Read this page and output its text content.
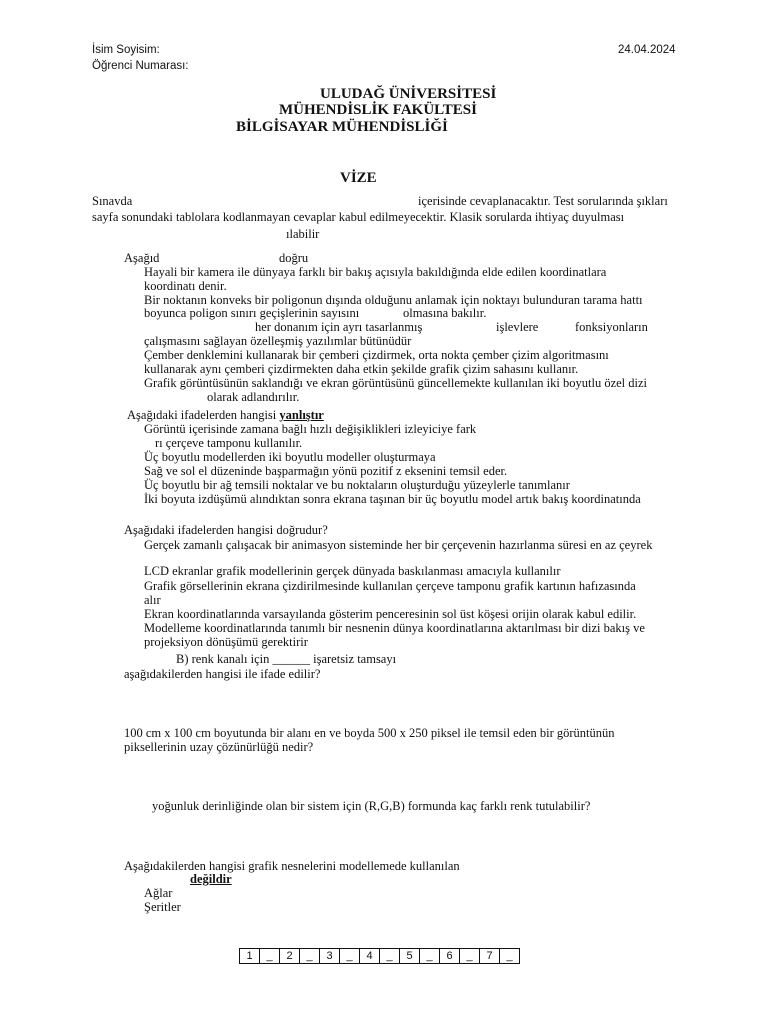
İsim Soyisim:
Öğrenci Numarası:
24.04.2024
ULUDAĞ ÜNİVERSİTESİ
MÜHENDİSLİK FAKÜLTESİ
BİLGİSAYAR MÜHENDİSLİĞİ
VİZE
Sınavda	içerisinde cevaplanacaktır. Test sorularında şıkları
sayfa sonundaki tablolara kodlanmayan cevaplar kabul edilmeyecektir. Klasik sorularda ihtiyaç duyulması
ılabilir
Aşağıd	doğru
Hayali bir kamera ile dünyaya farklı bir bakış açısıyla bakıldığında elde edilen koordinatlara
koordinatı denir.
Bir noktanın konveks bir poligonun dışında olduğunu anlamak için noktayı bulunduran tarama hattı
boyunca poligon sınırı geçişlerinin sayısını	olmasına bakılır.
her donanım için ayrı tasarlanmış	işlevlere	fonksiyonların
çalışmasını sağlayan özelleşmiş yazılımlar bütünüdür
Çember denklemini kullanarak bir çemberi çizdirmek, orta nokta çember çizim algoritmasını
kullanarak aynı çemberi çizdirmekten daha etkin şekilde grafik çizim sahasını kullanır.
Grafik görüntüsünün saklandığı ve ekran görüntüsünü güncellemekte kullanılan iki boyutlu özel dizi
olarak adlandırılır.
Aşağıdaki ifadelerden hangisi yanlıştır
Görüntü içerisinde zamana bağlı hızlı değişiklikleri izleyiciye fark
rı çerçeve tamponu kullanılır.
Üç boyutlu modellerden iki boyutlu modeller oluşturmaya
Sağ ve sol el düzeninde başparmağın yönü pozitif z eksenini temsil eder.
Üç boyutlu bir ağ temsili noktalar ve bu noktaların oluşturduğu yüzeylerle tanımlanır
İki boyuta izdüşümü alındıktan sonra ekrana taşınan bir üç boyutlu model artık bakış koordinatında
Aşağıdaki ifadelerden hangisi doğrudur?
Gerçek zamanlı çalışacak bir animasyon sisteminde her bir çerçevenin hazırlanma süresi en az çeyrek
LCD ekranlar grafik modellerinin gerçek dünyada baskılanması amacıyla kullanılır
Grafik görsellerinin ekrana çizdirilmesinde kullanılan çerçeve tamponu grafik kartının hafızasında
alır
Ekran koordinatlarında varsayılanda gösterim penceresinin sol üst köşesi orijin olarak kabul edilir.
Modelleme koordinatlarında tanımlı bir nesnenin dünya koordinatlarına aktarılması bir dizi bakış ve
projeksiyon dönüşümü gerektirir
B) renk kanalı için ______ işaretsiz tamsayı
aşağıdakilerden hangisi ile ifade edilir?
100 cm x 100 cm boyutunda bir alanı en ve boyda 500 x 250 piksel ile temsil eden bir görüntünün
piksellerinin uzay çözünürlüğü nedir?
yoğunluk derinliğinde olan bir sistem için (R,G,B) formunda kaç farklı renk tutulabilir?
Aşağıdakilerden hangisi grafik nesnelerini modellemede kullanılan
değildir
Ağlar
Şeritler
1	_	2	_	3	_	4	_	5	_	6	_	7	_
